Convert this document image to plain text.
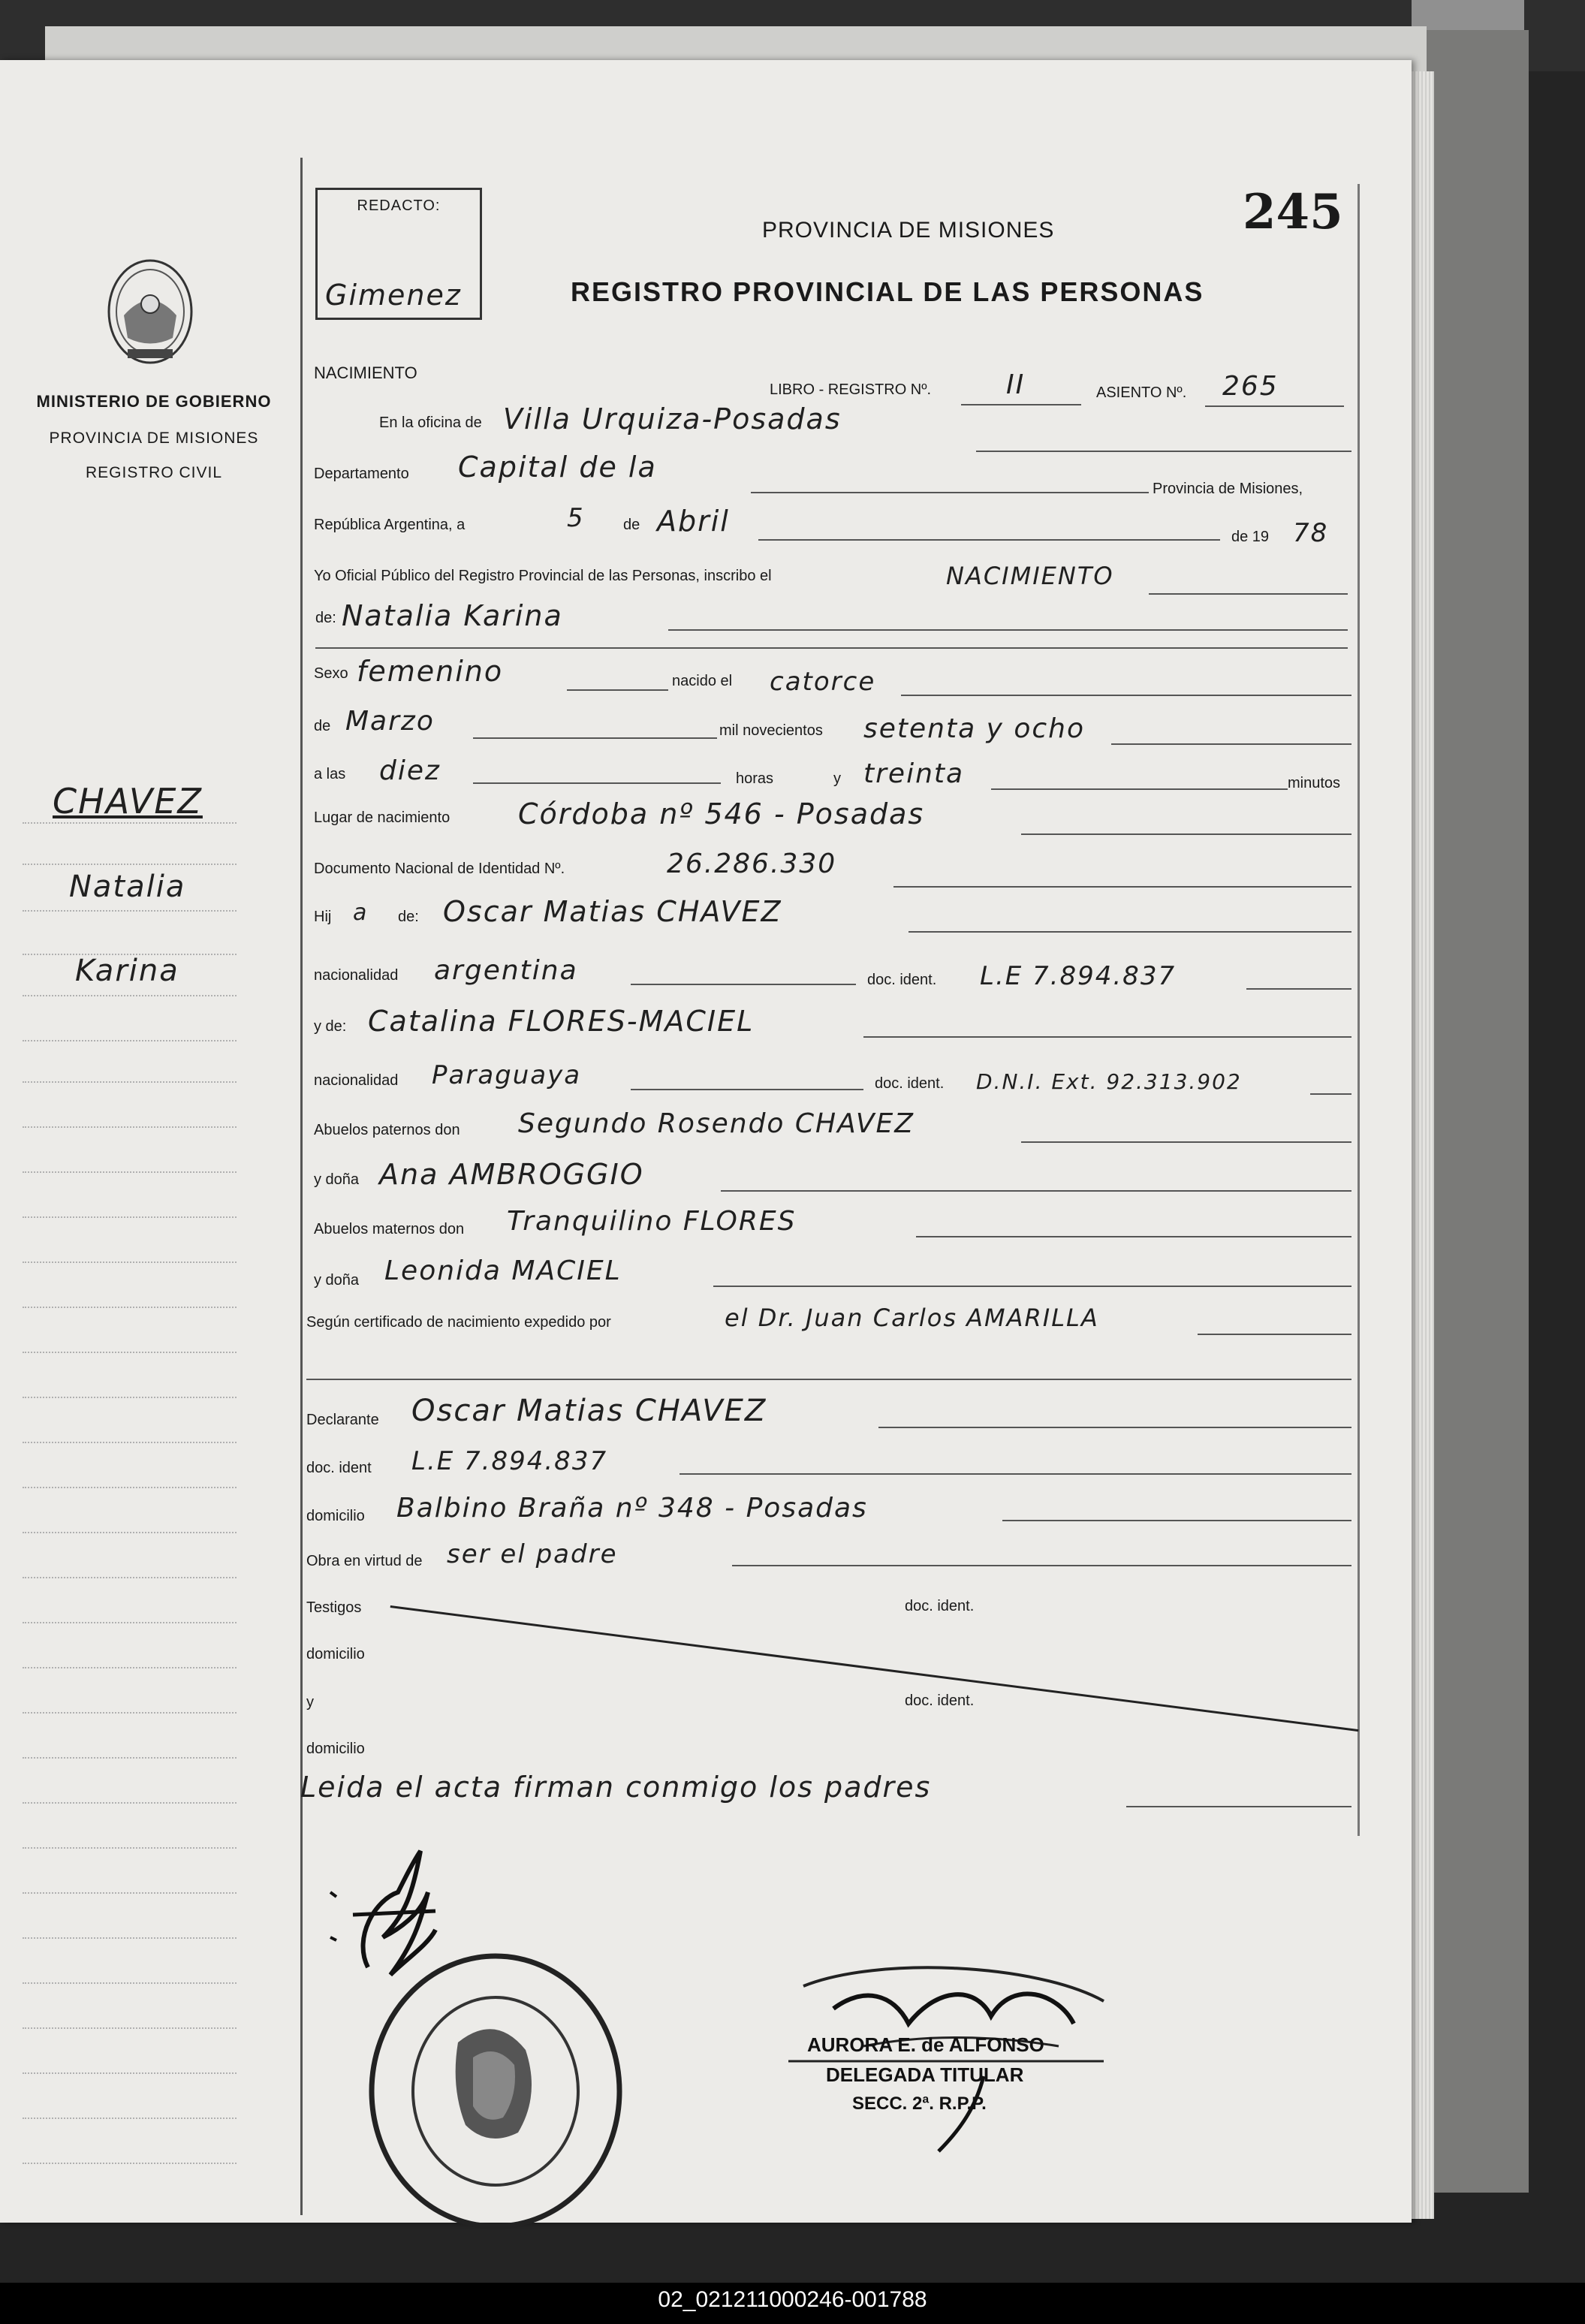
MINISTERIO DE GOBIERNO
PROVINCIA DE MISIONES
REGISTRO CIVIL
CHAVEZ
Natalia
Karina
REDACTO:
Gimenez
245
PROVINCIA DE MISIONES
REGISTRO PROVINCIAL DE LAS PERSONAS
NACIMIENTO
LIBRO - REGISTRO Nº.	II	ASIENTO Nº. 265
En la oficina de Villa Urquiza-Posadas
Departamento Capital de la
Provincia de Misiones,
República Argentina, a	5	de Abril	de 19 78
Yo Oficial Público del Registro Provincial de las Personas, inscribo el	NACIMIENTO
de: Natalia Karina
Sexo femenino	nacido el catorce
de Marzo	mil novecientos setenta y ocho
a las diez	horas	y treinta	minutos
Lugar de nacimiento Córdoba nº 546 - Posadas
Documento Nacional de Identidad Nº.	26.286.330
Hij a de: Oscar Matias CHAVEZ
nacionalidad argentina	doc. ident. L.E 7.894.837
y de: Catalina FLORES-MACIEL
nacionalidad Paraguaya	doc. ident. D.N.I. Ext. 92.313.902
Abuelos paternos don Segundo Rosendo CHAVEZ
y doña Ana AMBROGGIO
Abuelos maternos don Tranquilino FLORES
y doña Leonida MACIEL
Según certificado de nacimiento expedido por	el Dr. Juan Carlos AMARILLA
Declarante Oscar Matias CHAVEZ
doc. ident L.E 7.894.837
domicilio Balbino Braña nº 348 - Posadas
Obra en virtud de ser el padre
Testigos	doc. ident.
domicilio
y	doc. ident.
domicilio
Leida el acta firman conmigo los padres
AURORA E. de ALFONSO
DELEGADA TITULAR
SECC. 2ª. R.P.P.
02_021211000246-001788
